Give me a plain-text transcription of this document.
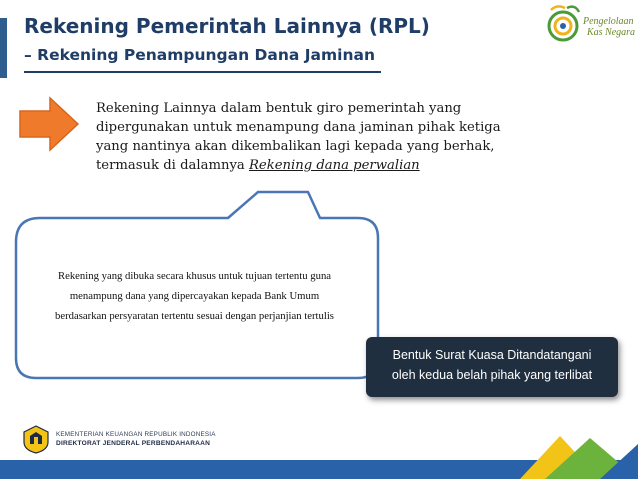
Rekening Pemerintah Lainnya (RPL)
– Rekening Penampungan Dana Jaminan
Pengelolaan
Kas Negara
Rekening Lainnya dalam bentuk giro pemerintah yang
dipergunakan untuk menampung dana jaminan pihak ketiga
yang nantinya akan dikembalikan lagi kepada yang berhak,
termasuk di dalamnya Rekening dana perwalian
Rekening yang dibuka secara khusus untuk tujuan tertentu guna
menampung dana yang dipercayakan kepada Bank Umum
berdasarkan persyaratan tertentu sesuai dengan perjanjian tertulis
Bentuk Surat Kuasa Ditandatangani
oleh kedua belah pihak yang terlibat
KEMENTERIAN KEUANGAN REPUBLIK INDONESIA
DIREKTORAT JENDERAL PERBENDAHARAAN
